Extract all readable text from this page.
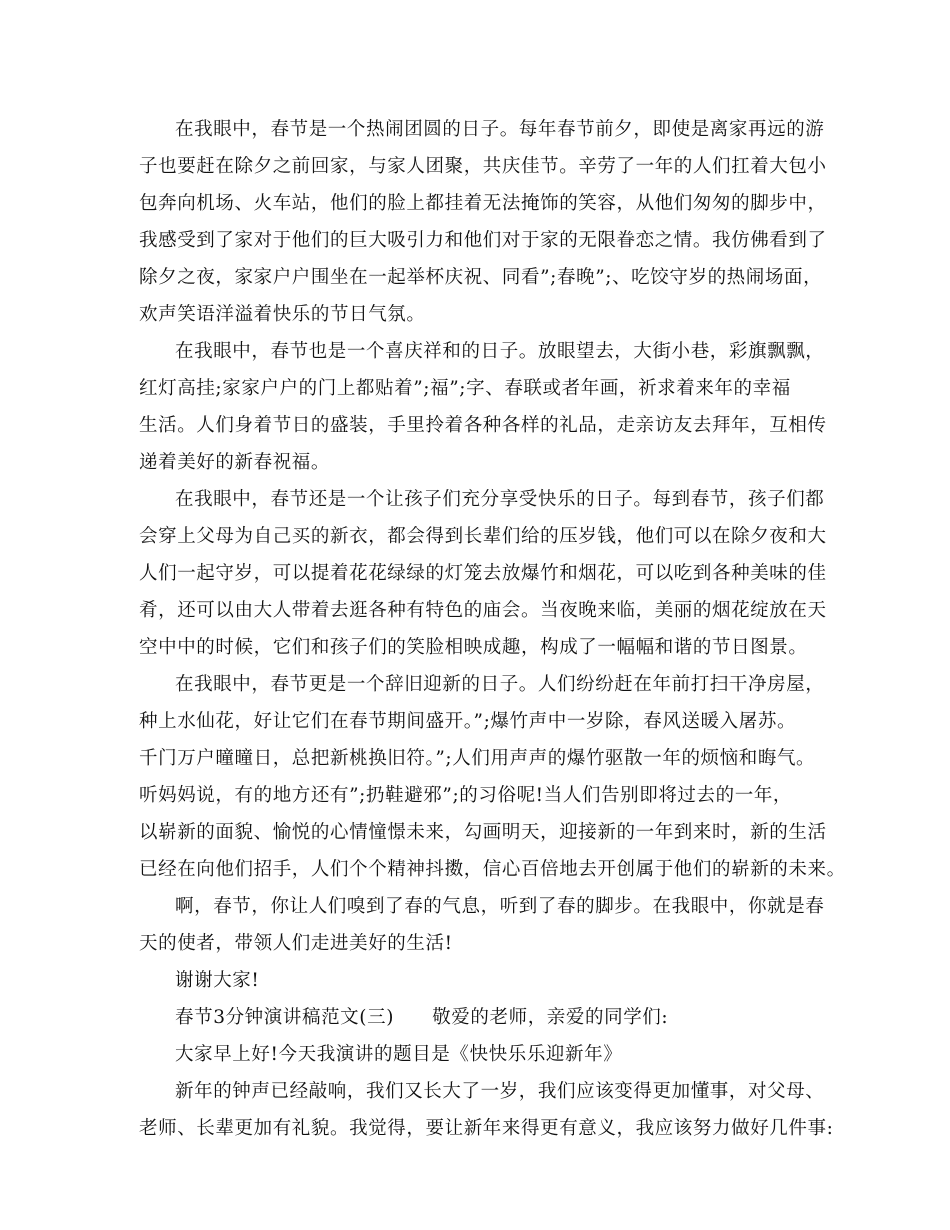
在我眼中，春节是一个热闹团圆的日子。每年春节前夕，即使是离家再远的游
子也要赶在除夕之前回家，与家人团聚，共庆佳节。辛劳了一年的人们扛着大包小
包奔向机场、火车站，他们的脸上都挂着无法掩饰的笑容，从他们匆匆的脚步中，
我感受到了家对于他们的巨大吸引力和他们对于家的无限眷恋之情。我仿佛看到了
除夕之夜，家家户户围坐在一起举杯庆祝、同看”;春晚”;、吃饺守岁的热闹场面，
欢声笑语洋溢着快乐的节日气氛。
在我眼中，春节也是一个喜庆祥和的日子。放眼望去，大街小巷，彩旗飘飘，
红灯高挂;家家户户的门上都贴着”;福”;字、春联或者年画，祈求着来年的幸福
生活。人们身着节日的盛装，手里拎着各种各样的礼品，走亲访友去拜年，互相传
递着美好的新春祝福。
在我眼中，春节还是一个让孩子们充分享受快乐的日子。每到春节，孩子们都
会穿上父母为自己买的新衣，都会得到长辈们给的压岁钱，他们可以在除夕夜和大
人们一起守岁，可以提着花花绿绿的灯笼去放爆竹和烟花，可以吃到各种美味的佳
肴，还可以由大人带着去逛各种有特色的庙会。当夜晚来临，美丽的烟花绽放在天
空中中的时候，它们和孩子们的笑脸相映成趣，构成了一幅幅和谐的节日图景。
在我眼中，春节更是一个辞旧迎新的日子。人们纷纷赶在年前打扫干净房屋，
种上水仙花，好让它们在春节期间盛开。”;爆竹声中一岁除，春风送暖入屠苏。
千门万户曈曈日，总把新桃换旧符。”;人们用声声的爆竹驱散一年的烦恼和晦气。
听妈妈说，有的地方还有”;扔鞋避邪”;的习俗呢!当人们告别即将过去的一年，
以崭新的面貌、愉悦的心情憧憬未来，勾画明天，迎接新的一年到来时，新的生活
已经在向他们招手，人们个个精神抖擞，信心百倍地去开创属于他们的崭新的未来。
啊，春节，你让人们嗅到了春的气息，听到了春的脚步。在我眼中，你就是春
天的使者，带领人们走进美好的生活!
谢谢大家!
春节3分钟演讲稿范文(三)　　敬爱的老师，亲爱的同学们:
大家早上好!今天我演讲的题目是《快快乐乐迎新年》
新年的钟声已经敲响，我们又长大了一岁，我们应该变得更加懂事，对父母、
老师、长辈更加有礼貌。我觉得，要让新年来得更有意义，我应该努力做好几件事:
